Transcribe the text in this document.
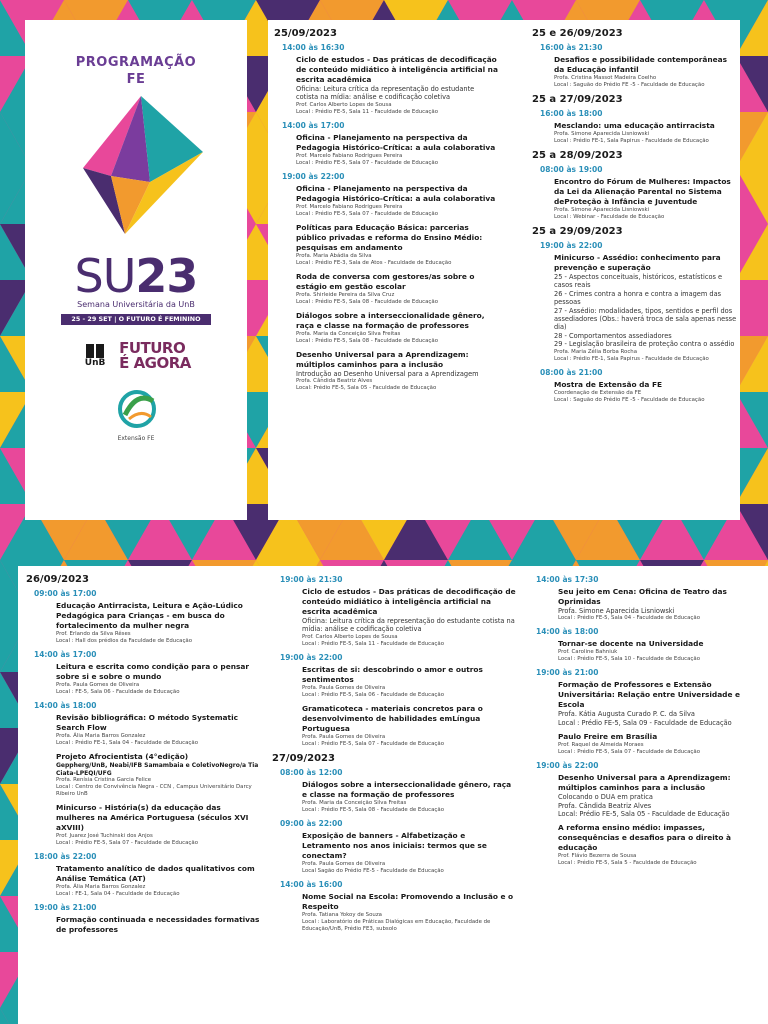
PROGRAMAÇÃO
FE
SU23
Semana Universitária da UnB
25 - 29 SET | O FUTURO É FEMININO
UnB
FUTURO
É AGORA
Extensão FE
25/09/2023
14:00 às 16:30
Ciclo de estudos - Das práticas de decodificação de conteúdo midiático à inteligência artificial na escrita acadêmica
Oficina: Leitura crítica da representação do estudante cotista na mídia: análise e codificação coletiva
Prof. Carlos Alberto Lopes de Sousa
Local : Prédio FE-5, Sala 11 - Faculdade de Educação
14:00 às 17:00
Oficina - Planejamento na perspectiva da Pedagogia Histórico-Crítica: a aula colaborativa
Prof. Marcelo Fabiano Rodrigues Pereira
Local : Prédio FE-5, Sala 07 - Faculdade de Educação
19:00 às 22:00
Oficina - Planejamento na perspectiva da Pedagogia Histórico-Crítica: a aula colaborativa
Prof. Marcelo Fabiano Rodrigues Pereira
Local : Prédio FE-5, Sala 07 - Faculdade de Educação
Políticas para Educação Básica: parcerias público privadas e reforma do Ensino Médio: pesquisas em andamento
Profa. Maria Abádia da Silva
Local : Prédio FE-3, Sala de Atos - Faculdade de Educação
Roda de conversa com gestores/as sobre o estágio em gestão escolar
Profa. Shirleide Pereira da Silva Cruz
Local : Prédio FE-5, Sala 08 - Faculdade de Educação
Diálogos sobre a interseccionalidade gênero, raça e classe na formação de professores
Profa. Maria da Conceição Silva Freitas
Local : Prédio FE-5, Sala 08 - Faculdade de Educação
Desenho Universal para a Aprendizagem: múltiplos caminhos para a inclusão
Introdução ao Desenho Universal para a Aprendizagem
Profa. Cândida Beatriz Alves
Local: Prédio FE-5, Sala 05 - Faculdade de Educação
25 e 26/09/2023
16:00 às 21:30
Desafios e possibilidade contemporâneas da Educação infantil
Profa. Cristina Massot Madeira Coelho
Local : Saguão do Prédio FE -5 - Faculdade de Educação
25 a 27/09/2023
16:00 às 18:00
Mesclando: uma educação antirracista
Profa. Simone Aparecida Lisniowski
Local : Prédio FE-1, Sala Papirus - Faculdade de Educação
25 a 28/09/2023
08:00 às 19:00
Encontro do Fórum de Mulheres: Impactos da Lei da Alienação Parental no Sistema deProteção à Infância e Juventude
Profa. Simone Aparecida Lisniowski
Local : Webinar - Faculdade de Educação
25 a 29/09/2023
19:00 às 22:00
Minicurso - Assédio: conhecimento para prevenção e superação
25 - Aspectos conceituais, históricos, estatísticos e casos reais
26 - Crimes contra a honra e contra a imagem das pessoas
27 - Assédio: modalidades, tipos, sentidos e perfil dos assediadores (Obs.: haverá troca de sala apenas nesse dia)
28 - Comportamentos assediadores
29 - Legislação brasileira de proteção contra o assédio
Profa. Maria Zélia Borba Rocha
Local : Prédio FE-1, Sala Papirus - Faculdade de Educação
08:00 às 21:00
Mostra de Extensão da FE
Coordenação de Extensão da FE
Local : Saguão do Prédio FE -5 - Faculdade de Educação
26/09/2023
09:00 às 17:00
Educação Antirracista, Leitura e Ação-Lúdico Pedagógica para Crianças - em busca do fortalecimento da mulher negra
Prof. Erlando da Silva Rêses
Local : Hall dos prédios da Faculdade de Educação
14:00 às 17:00
Leitura e escrita como condição para o pensar sobre si e sobre o mundo
Profa. Paula Gomes de Oliveira
Local : FE-5, Sala 06 - Faculdade de Educação
14:00 às 18:00
Revisão bibliográfica: O método Systematic Search Flow
Profa. Ália Maria Barros Gonzalez
Local : Prédio FE-1, Sala 04 - Faculdade de Educação
Projeto Afrocientista (4°edição)
Geppherg/UnB, Neabi/IFB Samambaia e ColetivoNegro/a Tia Ciata-LPEQI/UFG
Profa. Renísia Cristina Garcia Felice
Local : Centro de Convivência Negra - CCN , Campus Universitário Darcy Ribeiro UnB
Minicurso - História(s) da educação das mulheres na América Portuguesa (séculos XVI aXVIII)
Prof. Juarez José Tuchinski dos Anjos
Local : Prédio FE-5, Sala 07 - Faculdade de Educação
18:00 às 22:00
Tratamento analítico de dados qualitativos com Análise Temática (AT)
Profa. Ália Maria Barros Gonzalez
Local : FE-1, Sala 04 - Faculdade de Educação
19:00 às 21:00
Formação continuada e necessidades formativas de professores
19:00 às 21:30
Ciclo de estudos - Das práticas de decodificação de conteúdo midiático à inteligência artificial na escrita acadêmica
Oficina: Leitura crítica da representação do estudante cotista na mídia: análise e codificação coletiva
Prof. Carlos Alberto Lopes de Sousa
Local : Prédio FE-5, Sala 11 - Faculdade de Educação
19:00 às 22:00
Escritas de si: descobrindo o amor e outros sentimentos
Profa. Paula Gomes de Oliveira
Local : Prédio FE-5, Sala 06 - Faculdade de Educação
Gramaticoteca - materiais concretos para o desenvolvimento de habilidades emLíngua Portuguesa
Profa. Paula Gomes de Oliveira
Local : Prédio FE-5, Sala 07 - Faculdade de Educação
27/09/2023
08:00 às 12:00
Diálogos sobre a interseccionalidade gênero, raça e classe na formação de professores
Profa. Maria da Conceição Silva Freitas
Local : Prédio FE-5, Sala 08 - Faculdade de Educação
09:00 às 22:00
Exposição de banners - Alfabetização e Letramento nos anos iniciais: termos que se conectam?
Profa. Paula Gomes de Oliveira
Local Sagão do Prédio FE-5 - Faculdade de Educação
14:00 às 16:00
Nome Social na Escola: Promovendo a Inclusão e o Respeito
Profa. Tatiana Yokoy de Souza
Local : Laboratório de Práticas Dialógicas em Educação, Faculdade de Educação/UnB, Prédio FE3, subsolo
14:00 às 17:30
Seu jeito em Cena: Oficina de Teatro das Oprimidas
Profa. Simone Aparecida Lisniowski
Local : Prédio FE-5, Sala 04 - Faculdade de Educação
14:00 às 18:00
Tornar-se docente na Universidade
Prof. Caroline Bahniuk
Local : Prédio FE-5, Sala 10 - Faculdade de Educação
19:00 às 21:00
Formação de Professores e Extensão Universitária: Relação entre Universidade e Escola
Profa. Kátia Augusta Curado P. C. da Silva
Local : Prédio FE-5, Sala 09 - Faculdade de Educação
Paulo Freire em Brasília
Prof. Raquel de Almeida Moraes
Local : Prédio FE-5, Sala 07 - Faculdade de Educação
19:00 às 22:00
Desenho Universal para a Aprendizagem: múltiplos caminhos para a inclusão
Colocando o DUA em pratica
Profa. Cândida Beatriz Alves
Local: Prédio FE-5, Sala 05 - Faculdade de Educação
A reforma ensino médio: impasses, consequências e desafios para o direito à educação
Prof. Flávio Bezerra de Sousa
Local : Prédio FE-5, Sala 5 - Faculdade de Educação
